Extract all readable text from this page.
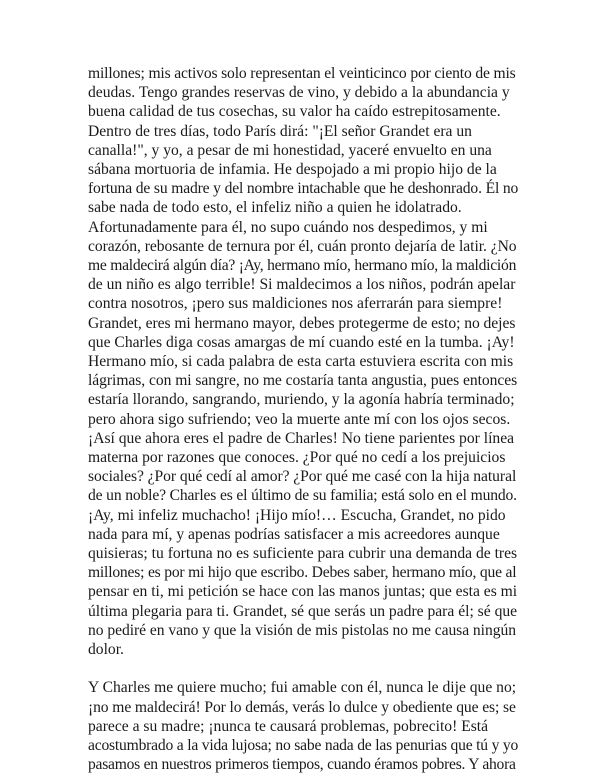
millones; mis activos solo representan el veinticinco por ciento de mis
deudas. Tengo grandes reservas de vino, y debido a la abundancia y
buena calidad de tus cosechas, su valor ha caído estrepitosamente.
Dentro de tres días, todo París dirá: "¡El señor Grandet era un
canalla!", y yo, a pesar de mi honestidad, yaceré envuelto en una
sábana mortuoria de infamia. He despojado a mi propio hijo de la
fortuna de su madre y del nombre intachable que he deshonrado. Él no
sabe nada de todo esto, el infeliz niño a quien he idolatrado.
Afortunadamente para él, no supo cuándo nos despedimos, y mi
corazón, rebosante de ternura por él, cuán pronto dejaría de latir. ¿No
me maldecirá algún día? ¡Ay, hermano mío, hermano mío, la maldición
de un niño es algo terrible! Si maldecimos a los niños, podrán apelar
contra nosotros, ¡pero sus maldiciones nos aferrarán para siempre!
Grandet, eres mi hermano mayor, debes protegerme de esto; no dejes
que Charles diga cosas amargas de mí cuando esté en la tumba. ¡Ay!
Hermano mío, si cada palabra de esta carta estuviera escrita con mis
lágrimas, con mi sangre, no me costaría tanta angustia, pues entonces
estaría llorando, sangrando, muriendo, y la agonía habría terminado;
pero ahora sigo sufriendo; veo la muerte ante mí con los ojos secos.
¡Así que ahora eres el padre de Charles! No tiene parientes por línea
materna por razones que conoces. ¿Por qué no cedí a los prejuicios
sociales? ¿Por qué cedí al amor? ¿Por qué me casé con la hija natural
de un noble? Charles es el último de su familia; está solo en el mundo.
¡Ay, mi infeliz muchacho! ¡Hijo mío!… Escucha, Grandet, no pido
nada para mí, y apenas podrías satisfacer a mis acreedores aunque
quisieras; tu fortuna no es suficiente para cubrir una demanda de tres
millones; es por mi hijo que escribo. Debes saber, hermano mío, que al
pensar en ti, mi petición se hace con las manos juntas; que esta es mi
última plegaria para ti. Grandet, sé que serás un padre para él; sé que
no pediré en vano y que la visión de mis pistolas no me causa ningún
dolor.

Y Charles me quiere mucho; fui amable con él, nunca le dije que no;
¡no me maldecirá! Por lo demás, verás lo dulce y obediente que es; se
parece a su madre; ¡nunca te causará problemas, pobrecito! Está
acostumbrado a la vida lujosa; no sabe nada de las penurias que tú y yo
pasamos en nuestros primeros tiempos, cuando éramos pobres. Y ahora
